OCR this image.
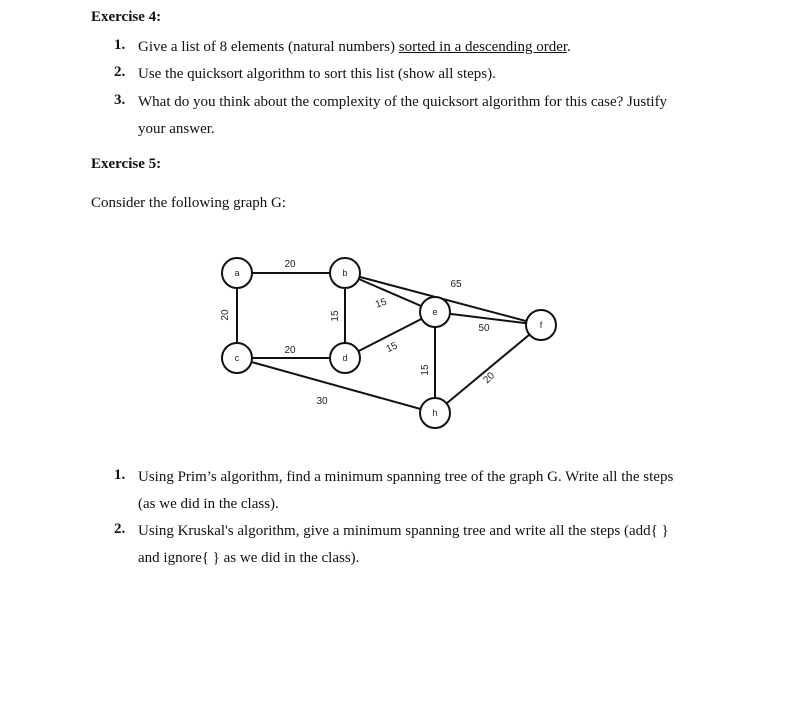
Exercise 4:
1. Give a list of 8 elements (natural numbers) sorted in a descending order.
2. Use the quicksort algorithm to sort this list (show all steps).
3. What do you think about the complexity of the quicksort algorithm for this case? Justify
your answer.
Exercise 5:
Consider the following graph G:
20
20
20
15
15
15
65
50
15
20
30
a	b
c	d
e
f
h
1. Using Prim’s algorithm, find a minimum spanning tree of the graph G. Write all the steps
(as we did in the class).
2. Using Kruskal's algorithm, give a minimum spanning tree and write all the steps (add{ }
and ignore{ } as we did in the class).
